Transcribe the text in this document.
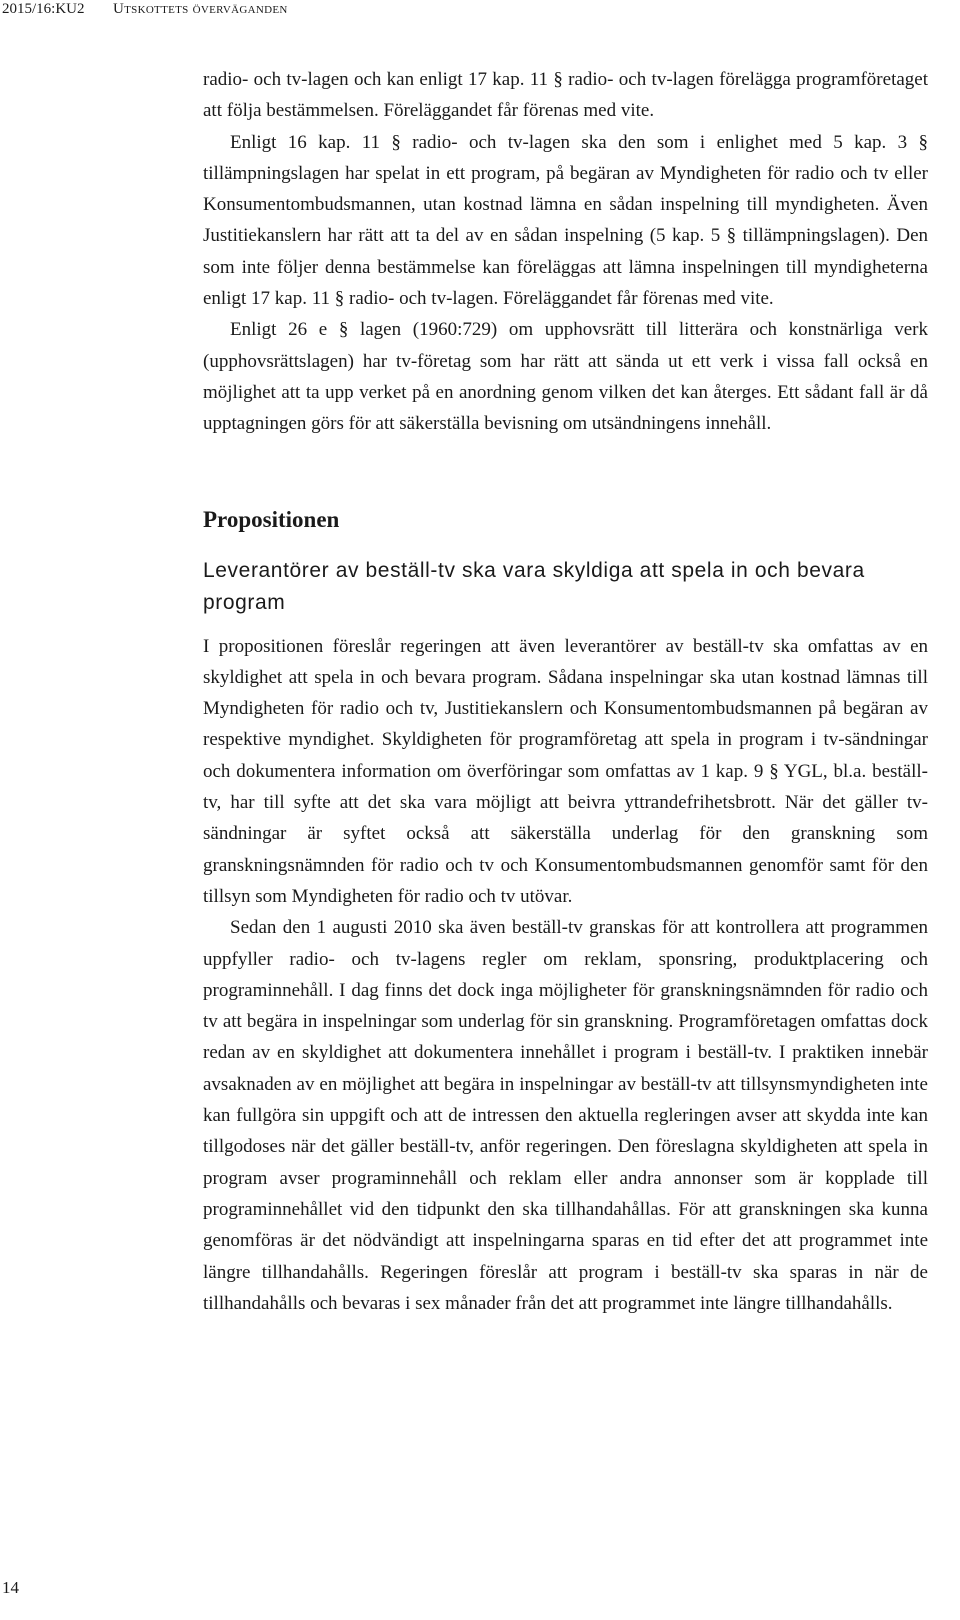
2015/16:KU2 Utskottets överväganden

radio- och tv-lagen och kan enligt 17 kap. 11 § radio- och tv-lagen förelägga programföretaget att följa bestämmelsen. Föreläggandet får förenas med vite.

Enligt 16 kap. 11 § radio- och tv-lagen ska den som i enlighet med 5 kap. 3 § tillämpningslagen har spelat in ett program, på begäran av Myndigheten för radio och tv eller Konsumentombudsmannen, utan kostnad lämna en sådan inspelning till myndigheten. Även Justitiekanslern har rätt att ta del av en sådan inspelning (5 kap. 5 § tillämpningslagen). Den som inte följer denna bestämmelse kan föreläggas att lämna inspelningen till myndigheterna enligt 17 kap. 11 § radio- och tv-lagen. Föreläggandet får förenas med vite.

Enligt 26 e § lagen (1960:729) om upphovsrätt till litterära och konstnärliga verk (upphovsrättslagen) har tv-företag som har rätt att sända ut ett verk i vissa fall också en möjlighet att ta upp verket på en anordning genom vilken det kan återges. Ett sådant fall är då upptagningen görs för att säkerställa bevisning om utsändningens innehåll.

Propositionen
Leverantörer av beställ-tv ska vara skyldiga att spela in och bevara program

I propositionen föreslår regeringen att även leverantörer av beställ-tv ska omfattas av en skyldighet att spela in och bevara program. Sådana inspelningar ska utan kostnad lämnas till Myndigheten för radio och tv, Justitiekanslern och Konsumentombudsmannen på begäran av respektive myndighet. Skyldigheten för programföretag att spela in program i tv-sändningar och dokumentera information om överföringar som omfattas av 1 kap. 9 § YGL, bl.a. beställ-tv, har till syfte att det ska vara möjligt att beivra yttrandefrihetsbrott. När det gäller tv-sändningar är syftet också att säkerställa underlag för den granskning som granskningsnämnden för radio och tv och Konsumentombudsmannen genomför samt för den tillsyn som Myndigheten för radio och tv utövar.

Sedan den 1 augusti 2010 ska även beställ-tv granskas för att kontrollera att programmen uppfyller radio- och tv-lagens regler om reklam, sponsring, produktplacering och programinnehåll. I dag finns det dock inga möjligheter för granskningsnämnden för radio och tv att begära in inspelningar som underlag för sin granskning. Programföretagen omfattas dock redan av en skyldighet att dokumentera innehållet i program i beställ-tv. I praktiken innebär avsaknaden av en möjlighet att begära in inspelningar av beställ-tv att tillsynsmyndigheten inte kan fullgöra sin uppgift och att de intressen den aktuella regleringen avser att skydda inte kan tillgodoses när det gäller beställ-tv, anför regeringen. Den föreslagna skyldigheten att spela in program avser programinnehåll och reklam eller andra annonser som är kopplade till programinnehållet vid den tidpunkt den ska tillhandahållas. För att granskningen ska kunna genomföras är det nödvändigt att inspelningarna sparas en tid efter det att programmet inte längre tillhandahålls. Regeringen föreslår att program i beställ-tv ska sparas in när de tillhandahålls och bevaras i sex månader från det att programmet inte längre tillhandahålls.

14
